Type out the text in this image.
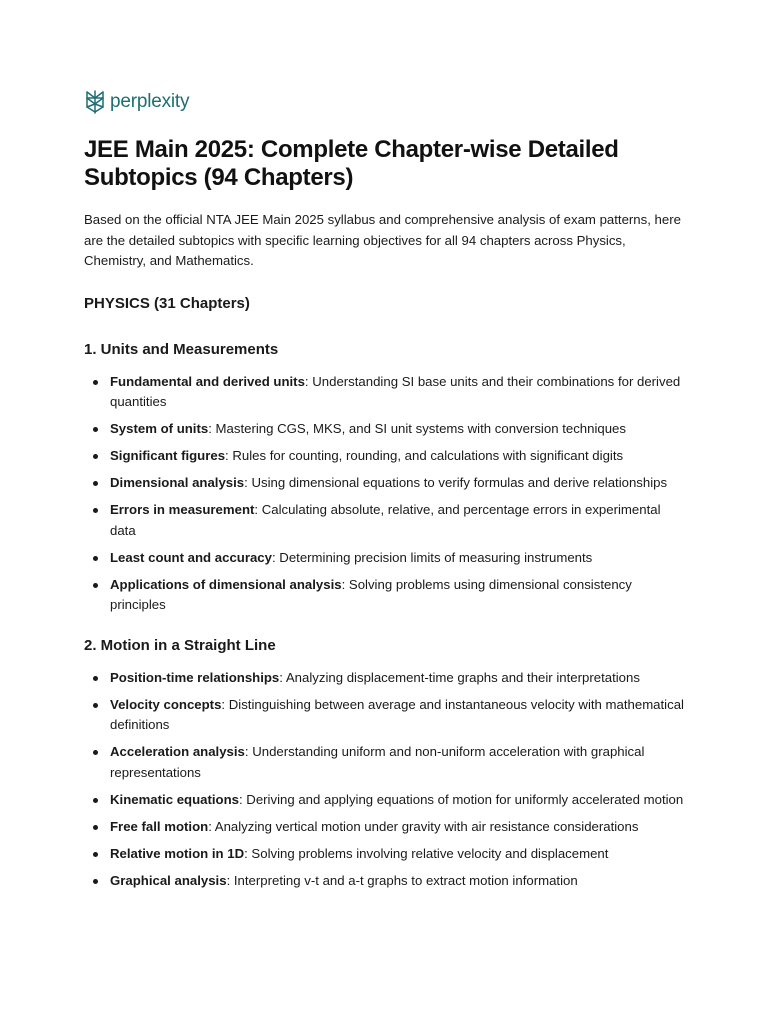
perplexity
JEE Main 2025: Complete Chapter-wise Detailed Subtopics (94 Chapters)

Based on the official NTA JEE Main 2025 syllabus and comprehensive analysis of exam patterns, here are the detailed subtopics with specific learning objectives for all 94 chapters across Physics, Chemistry, and Mathematics.

PHYSICS (31 Chapters)
1. Units and Measurements
Fundamental and derived units: Understanding SI base units and their combinations for derived quantities
System of units: Mastering CGS, MKS, and SI unit systems with conversion techniques
Significant figures: Rules for counting, rounding, and calculations with significant digits
Dimensional analysis: Using dimensional equations to verify formulas and derive relationships
Errors in measurement: Calculating absolute, relative, and percentage errors in experimental data
Least count and accuracy: Determining precision limits of measuring instruments
Applications of dimensional analysis: Solving problems using dimensional consistency principles
2. Motion in a Straight Line
Position-time relationships: Analyzing displacement-time graphs and their interpretations
Velocity concepts: Distinguishing between average and instantaneous velocity with mathematical definitions
Acceleration analysis: Understanding uniform and non-uniform acceleration with graphical representations
Kinematic equations: Deriving and applying equations of motion for uniformly accelerated motion
Free fall motion: Analyzing vertical motion under gravity with air resistance considerations
Relative motion in 1D: Solving problems involving relative velocity and displacement
Graphical analysis: Interpreting v-t and a-t graphs to extract motion information
